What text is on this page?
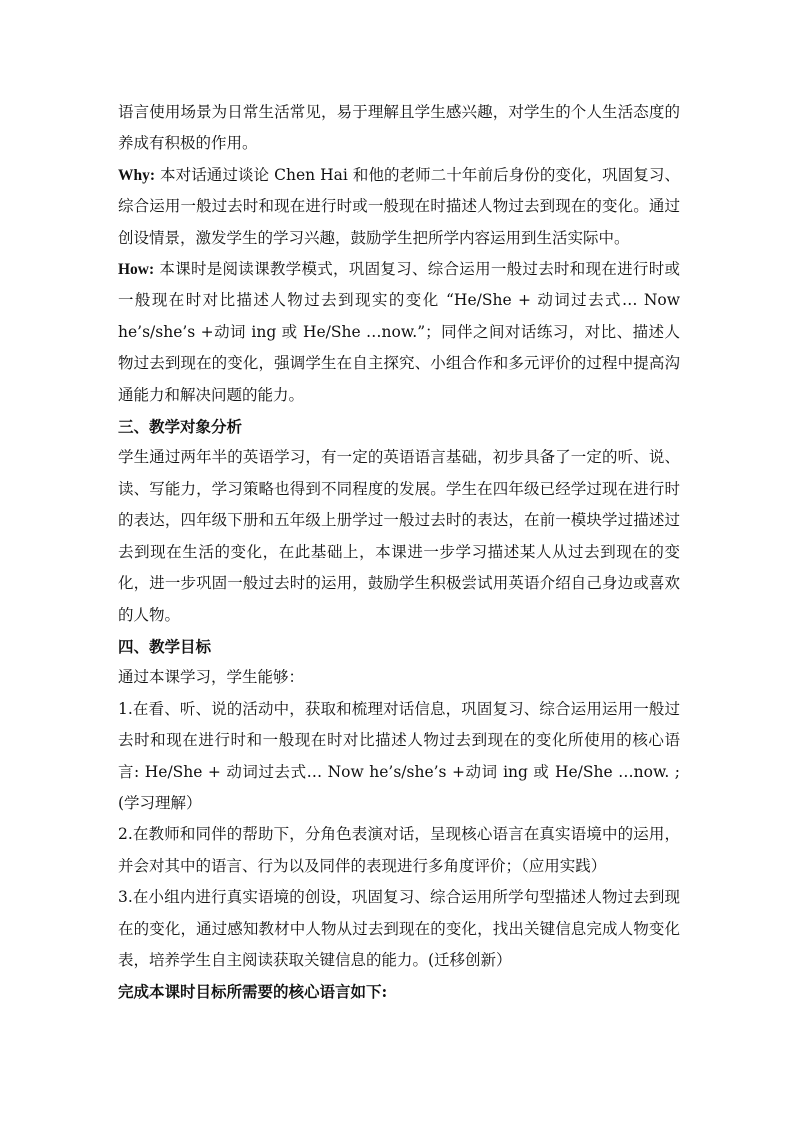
语言使用场景为日常生活常见，易于理解且学生感兴趣，对学生的个人生活态度的养成有积极的作用。

Why: 本对话通过谈论 Chen Hai 和他的老师二十年前后身份的变化，巩固复习、综合运用一般过去时和现在进行时或一般现在时描述人物过去到现在的变化。通过创设情景，激发学生的学习兴趣，鼓励学生把所学内容运用到生活实际中。

How: 本课时是阅读课教学模式，巩固复习、综合运用一般过去时和现在进行时或一般现在时对比描述人物过去到现实的变化 “He/She + 动词过去式… Now he’s/she’s +动词 ing 或 He/She …now.”；同伴之间对话练习，对比、描述人物过去到现在的变化，强调学生在自主探究、小组合作和多元评价的过程中提高沟通能力和解决问题的能力。

三、教学对象分析

学生通过两年半的英语学习，有一定的英语语言基础，初步具备了一定的听、说、读、写能力，学习策略也得到不同程度的发展。学生在四年级已经学过现在进行时的表达，四年级下册和五年级上册学过一般过去时的表达，在前一模块学过描述过去到现在生活的变化，在此基础上，本课进一步学习描述某人从过去到现在的变化，进一步巩固一般过去时的运用，鼓励学生积极尝试用英语介绍自己身边或喜欢的人物。

四、教学目标

通过本课学习，学生能够：

1.在看、听、说的活动中，获取和梳理对话信息，巩固复习、综合运用运用一般过去时和现在进行时和一般现在时对比描述人物过去到现在的变化所使用的核心语言: He/She + 动词过去式… Now he’s/she’s +动词 ing 或 He/She …now. ;(学习理解）

2.在教师和同伴的帮助下，分角色表演对话，呈现核心语言在真实语境中的运用，并会对其中的语言、行为以及同伴的表现进行多角度评价；（应用实践）

3.在小组内进行真实语境的创设，巩固复习、综合运用所学句型描述人物过去到现在的变化，通过感知教材中人物从过去到现在的变化，找出关键信息完成人物变化表，培养学生自主阅读获取关键信息的能力。(迁移创新）

完成本课时目标所需要的核心语言如下:
